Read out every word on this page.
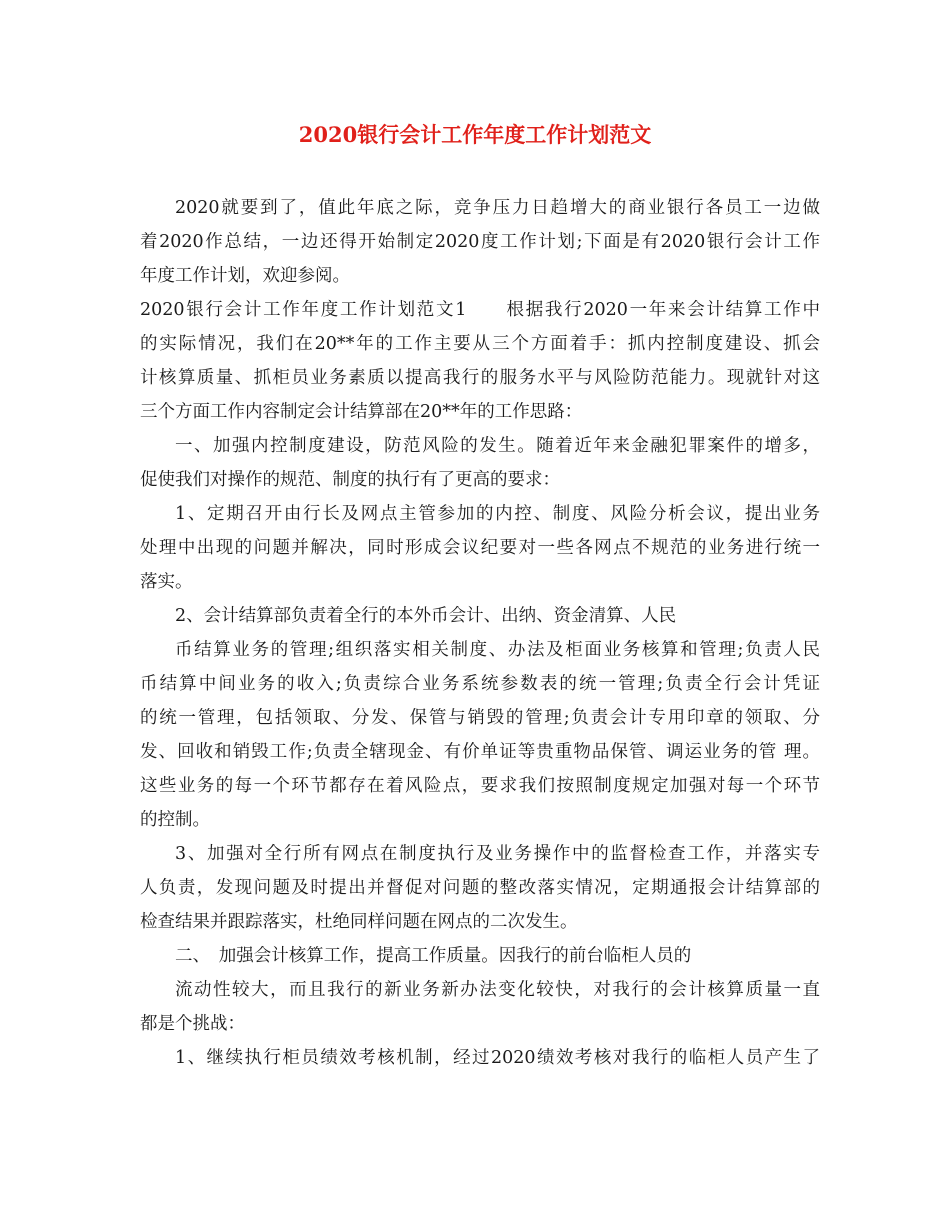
2020银行会计工作年度工作计划范文
2020就要到了，值此年底之际，竞争压力日趋增大的商业银行各员工一边做
着2020作总结，一边还得开始制定2020度工作计划;下面是有2020银行会计工作
年度工作计划，欢迎参阅。
2020银行会计工作年度工作计划范文1　　根据我行2020一年来会计结算工作中
的实际情况，我们在20**年的工作主要从三个方面着手：抓内控制度建设、抓会
计核算质量、抓柜员业务素质以提高我行的服务水平与风险防范能力。现就针对这
三个方面工作内容制定会计结算部在20**年的工作思路：
一、加强内控制度建设，防范风险的发生。随着近年来金融犯罪案件的增多，
促使我们对操作的规范、制度的执行有了更高的要求：
1、定期召开由行长及网点主管参加的内控、制度、风险分析会议，提出业务
处理中出现的问题并解决，同时形成会议纪要对一些各网点不规范的业务进行统一
落实。
2、会计结算部负责着全行的本外币会计、出纳、资金清算、人民
币结算业务的管理;组织落实相关制度、办法及柜面业务核算和管理;负责人民
币结算中间业务的收入;负责综合业务系统参数表的统一管理;负责全行会计凭证
的统一管理，包括领取、分发、保管与销毁的管理;负责会计专用印章的领取、分
发、回收和销毁工作;负责全辖现金、有价单证等贵重物品保管、调运业务的管 理。
这些业务的每一个环节都存在着风险点，要求我们按照制度规定加强对每一个环节
的控制。
3、加强对全行所有网点在制度执行及业务操作中的监督检查工作，并落实专
人负责，发现问题及时提出并督促对问题的整改落实情况，定期通报会计结算部的
检查结果并跟踪落实，杜绝同样问题在网点的二次发生。
二、　加强会计核算工作，提高工作质量。因我行的前台临柜人员的
流动性较大，而且我行的新业务新办法变化较快，对我行的会计核算质量一直
都是个挑战：
1、继续执行柜员绩效考核机制，经过2020绩效考核对我行的临柜人员产生了
